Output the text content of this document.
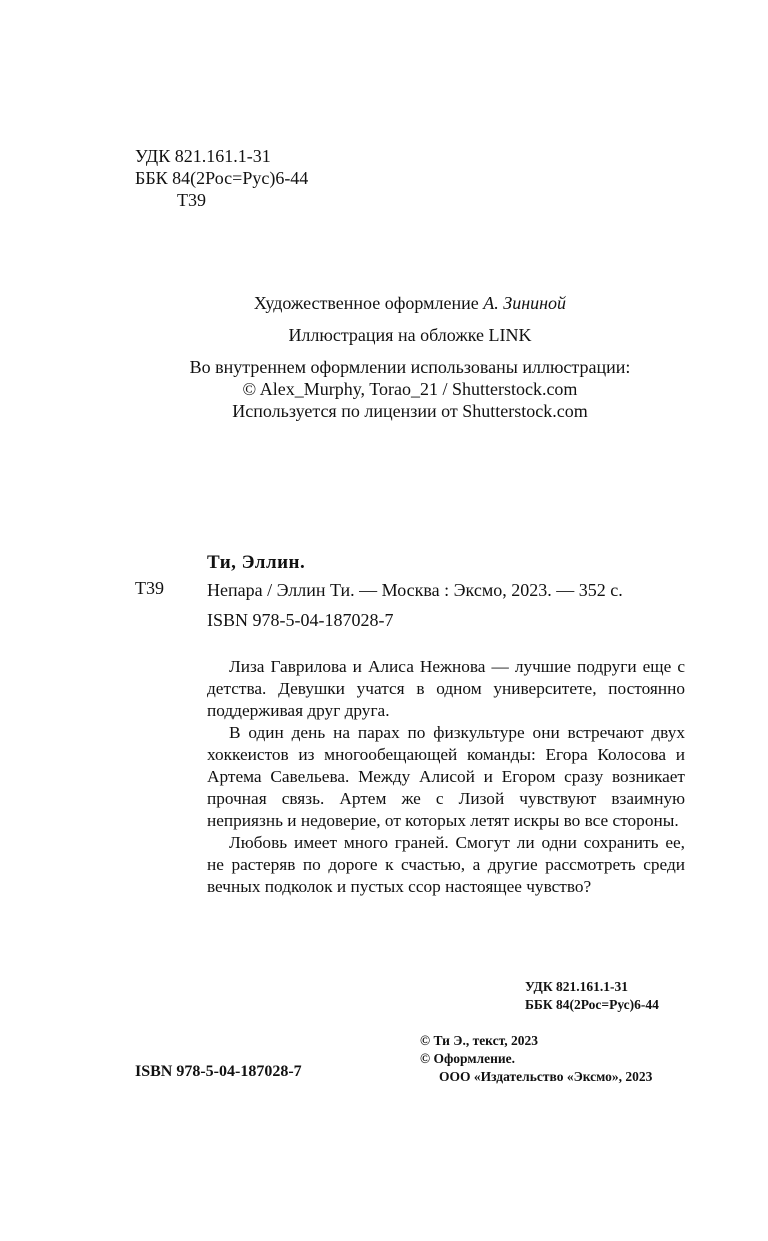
УДК 821.161.1-31
ББК 84(2Рос=Рус)6-44
Т39
Художественное оформление А. Зининой
Иллюстрация на обложке LINK
Во внутреннем оформлении использованы иллюстрации:
© Alex_Murphy, Torao_21 / Shutterstock.com
Используется по лицензии от Shutterstock.com
Ти, Эллин.
Т39 Непара / Эллин Ти. — Москва : Эксмо, 2023. — 352 с.
ISBN 978-5-04-187028-7

Лиза Гаврилова и Алиса Нежнова — лучшие подруги еще с детства. Девушки учатся в одном университете, постоянно поддерживая друг друга.

В один день на парах по физкультуре они встречают двух хоккеистов из многообещающей команды: Егора Колосова и Артема Савельева. Между Алисой и Егором сразу возникает прочная связь. Артем же с Лизой чувствуют взаимную неприязнь и недоверие, от которых летят искры во все стороны.

Любовь имеет много граней. Смогут ли одни сохранить ее, не растеряв по дороге к счастью, а другие рассмотреть среди вечных подколок и пустых ссор настоящее чувство?

УДК 821.161.1-31
ББК 84(2Рос=Рус)6-44
© Ти Э., текст, 2023
© Оформление.
ООО «Издательство «Эксмо», 2023
ISBN 978-5-04-187028-7
